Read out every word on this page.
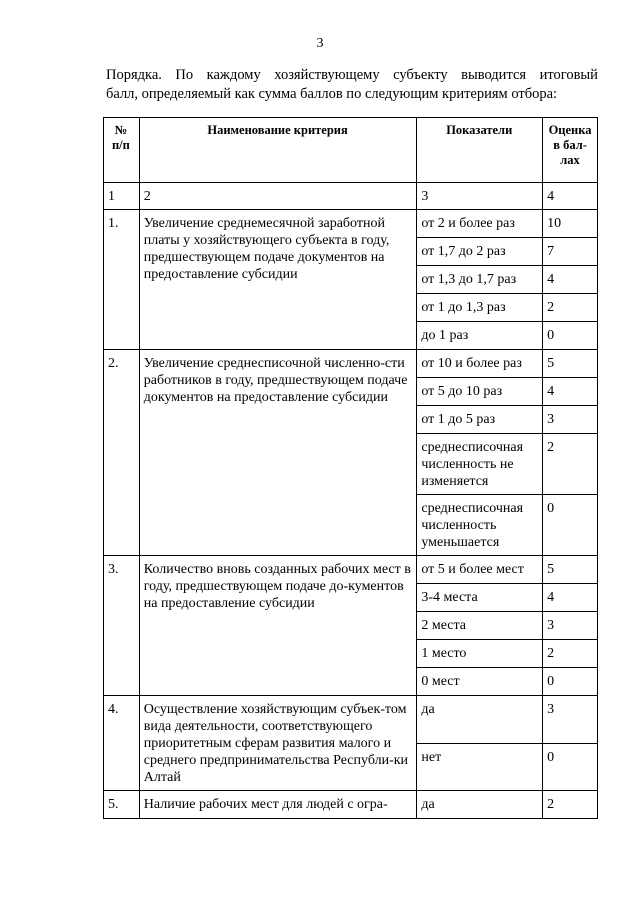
3
Порядка. По каждому хозяйствующему субъекту выводится итоговый
балл, определяемый как сумма баллов по следующим критериям отбора:
№ п/п	Наименование критерия	Показатели	Оценка в бал-лах
1	2	3	4
1.	Увеличение среднемесячной заработной платы у хозяйствующего субъекта в году, предшествующем подаче документов на предоставление субсидии	от 2 и более раз	10
		от 1,7 до 2 раз	7
		от 1,3 до 1,7 раз	4
		от 1 до 1,3 раз	2
		до 1 раз	0
2.	Увеличение среднесписочной численно-сти работников в году, предшествующем подаче документов на предоставление субсидии	от 10 и более раз	5
		от 5 до 10 раз	4
		от 1 до 5 раз	3
		среднесписочная численность не изменяется	2
		среднесписочная численность уменьшается	0
3.	Количество вновь созданных рабочих мест в году, предшествующем подаче до-кументов на предоставление субсидии	от 5 и более мест	5
		3-4 места	4
		2 места	3
		1 место	2
		0 мест	0
4.	Осуществление хозяйствующим субъек-том вида деятельности, соответствующего приоритетным сферам развития малого и среднего предпринимательства Республи-ки Алтай	да	3
		нет	0
5.	Наличие рабочих мест для людей с огра-	да	2
